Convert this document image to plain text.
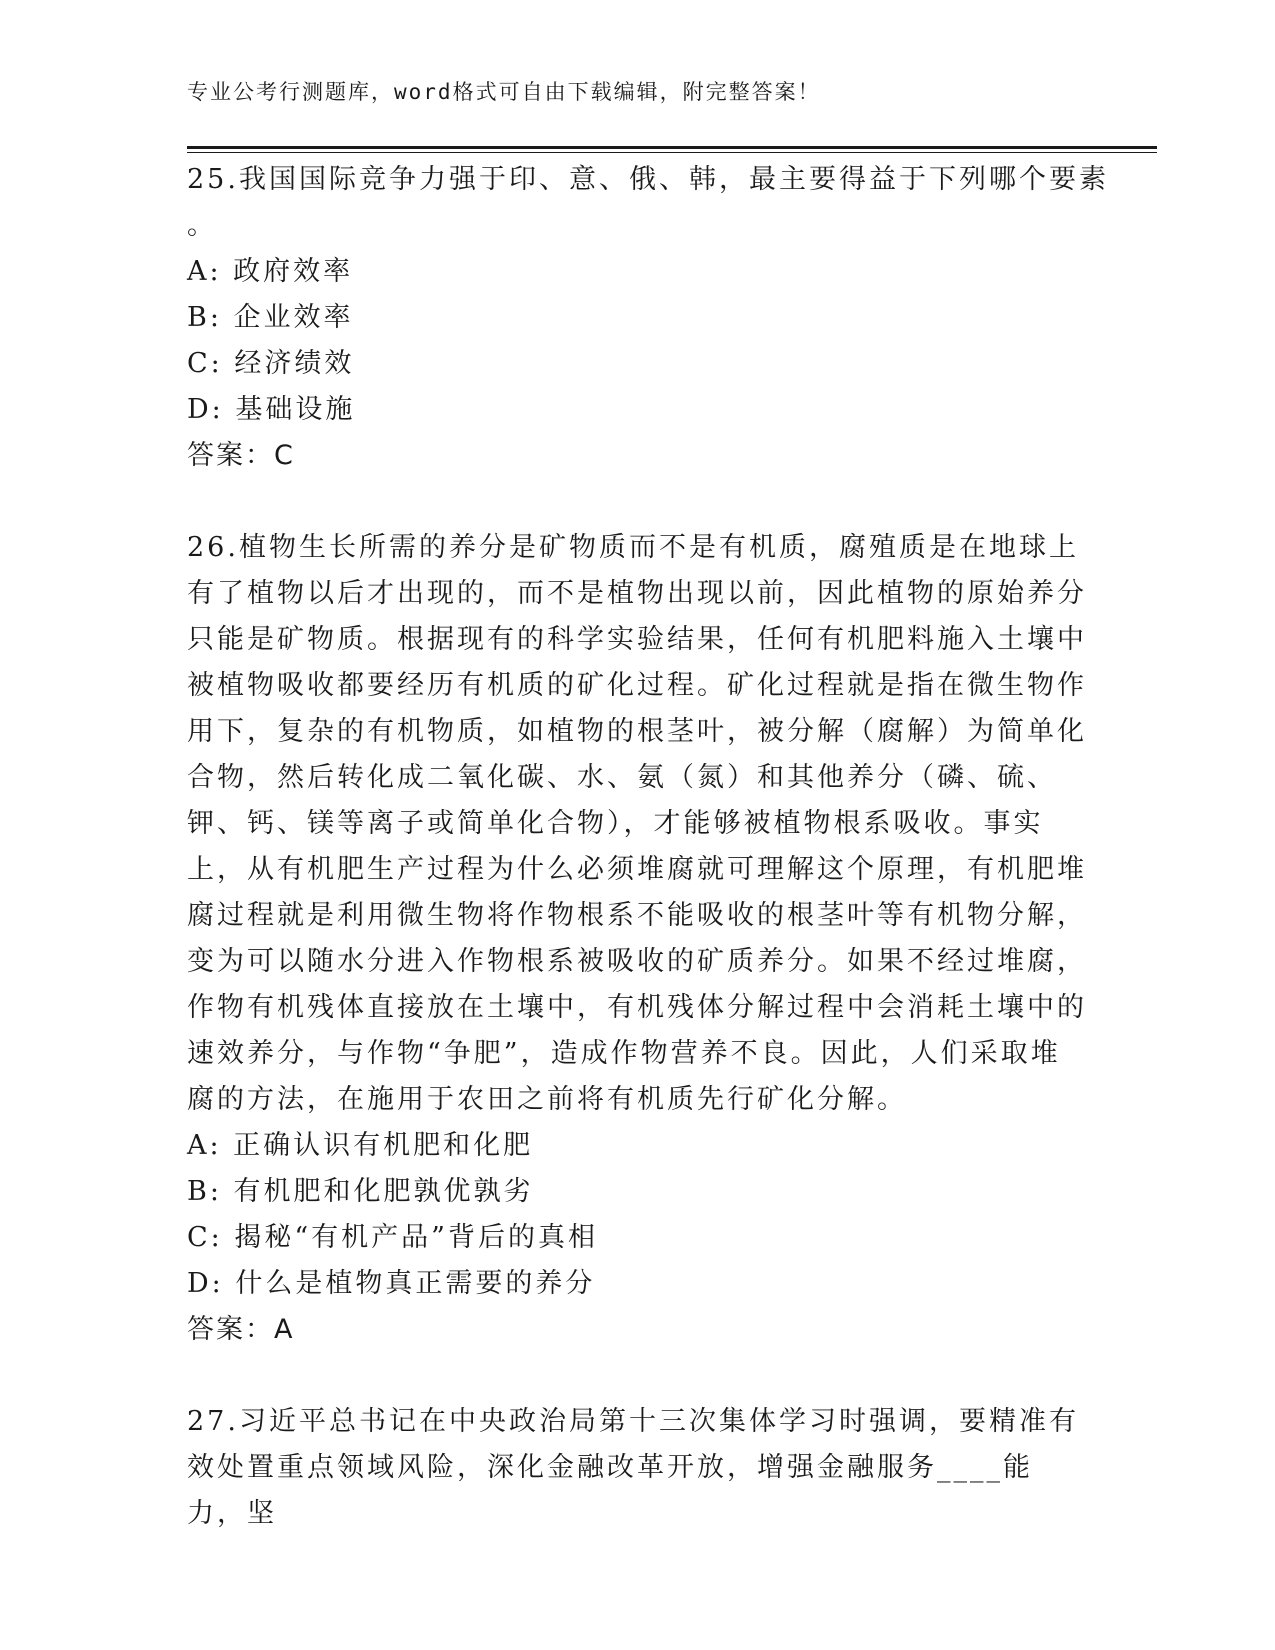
专业公考行测题库，word格式可自由下载编辑，附完整答案！
25.我国国际竞争力强于印、意、俄、韩，最主要得益于下列哪个要素
。
A: 政府效率
B: 企业效率
C: 经济绩效
D: 基础设施
答案：C
26.植物生长所需的养分是矿物质而不是有机质，腐殖质是在地球上有了植物以后才出现的，而不是植物出现以前，因此植物的原始养分只能是矿物质。根据现有的科学实验结果，任何有机肥料施入土壤中被植物吸收都要经历有机质的矿化过程。矿化过程就是指在微生物作用下，复杂的有机物质，如植物的根茎叶，被分解（腐解）为简单化合物，然后转化成二氧化碳、水、氨（氮）和其他养分（磷、硫、钾、钙、镁等离子或简单化合物），才能够被植物根系吸收。事实上，从有机肥生产过程为什么必须堆腐就可理解这个原理，有机肥堆腐过程就是利用微生物将作物根系不能吸收的根茎叶等有机物分解，变为可以随水分进入作物根系被吸收的矿质养分。如果不经过堆腐，作物有机残体直接放在土壤中，有机残体分解过程中会消耗土壤中的速效养分，与作物“争肥”，造成作物营养不良。因此，人们采取堆腐的方法，在施用于农田之前将有机质先行矿化分解。
A: 正确认识有机肥和化肥
B: 有机肥和化肥孰优孰劣
C: 揭秘“有机产品”背后的真相
D: 什么是植物真正需要的养分
答案：A
27.习近平总书记在中央政治局第十三次集体学习时强调，要精准有效处置重点领域风险，深化金融改革开放，增强金融服务____能力，坚
